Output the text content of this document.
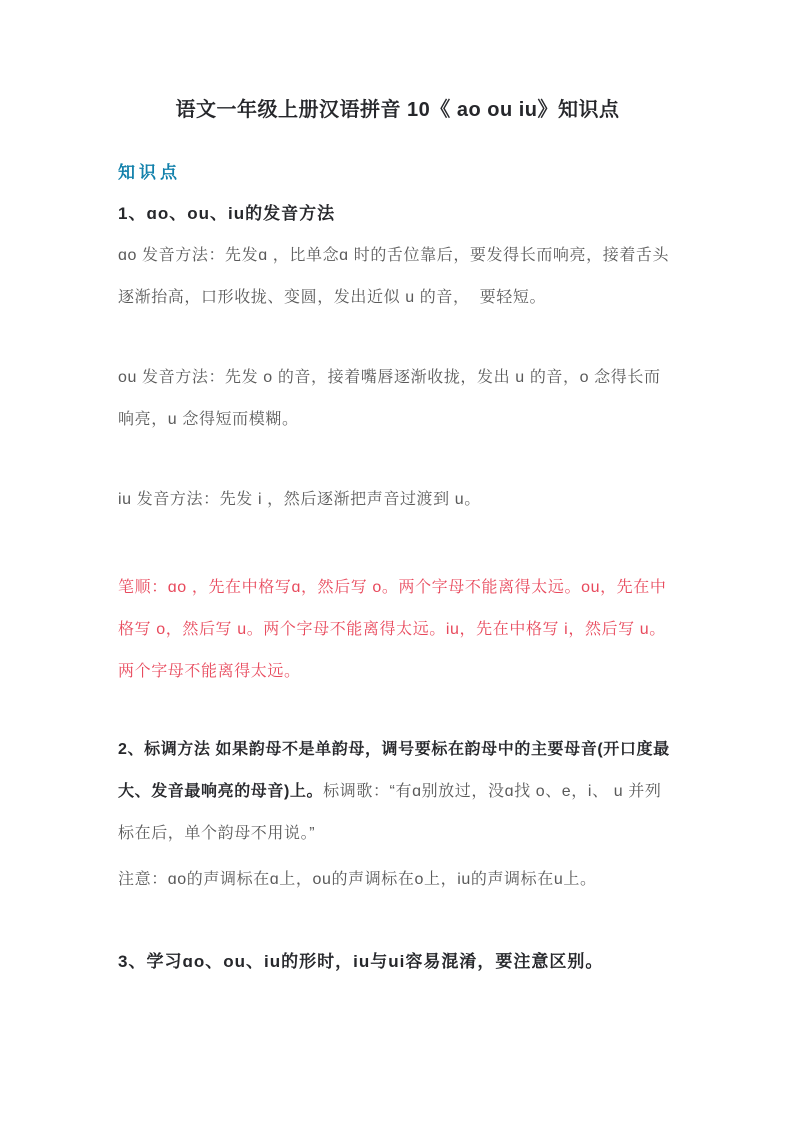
语文一年级上册汉语拼音 10《 ao ou iu》知识点
知识点
1、ɑo、ou、iu的发音方法

ɑo 发音方法：先发ɑ ，比单念ɑ 时的舌位靠后，要发得长而响亮，接着舌头逐渐抬高，口形收拢、变圆，发出近似 u 的音，  要轻短。

ou 发音方法：先发 o 的音，接着嘴唇逐渐收拢，发出 u 的音，o 念得长而响亮，u 念得短而模糊。

iu 发音方法：先发 i ，然后逐渐把声音过渡到 u。

笔顺：ɑo ，先在中格写ɑ，然后写 o。两个字母不能离得太远。ou，先在中格写 o，然后写 u。两个字母不能离得太远。iu，先在中格写 i，然后写 u。两个字母不能离得太远。

2、标调方法 如果韵母不是单韵母，调号要标在韵母中的主要母音(开口度最大、发音最响亮的母音)上。标调歌：“有ɑ别放过，没ɑ找 o、e，i、 u 并列标在后，单个韵母不用说。”

注意：ɑo的声调标在ɑ上，ou的声调标在o上，iu的声调标在u上。

3、学习ɑo、ou、iu的形时，iu与ui容易混淆，要注意区别。
